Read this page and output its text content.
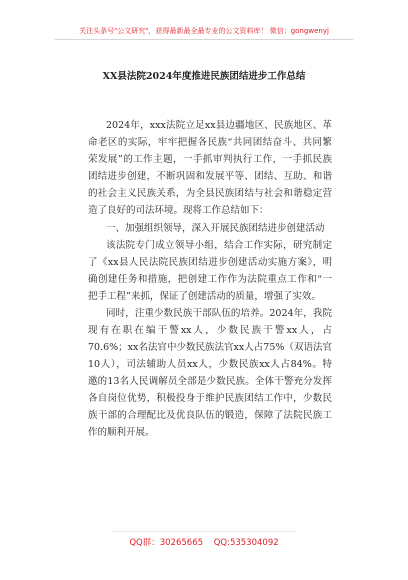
关注头条号"公文研究"，获得最新最全最专业的公文资料库！ 微信：gongwenyj
XX县法院2024年度推进民族团结进步工作总结
2024年，xxx法院立足xx县边疆地区、民族地区、革
命老区的实际，牢牢把握各民族“共同团结奋斗、共同繁
荣发展”的工作主题，一手抓审判执行工作，一手抓民族
团结进步创建，不断巩固和发展平等、团结、互助、和谐
的社会主义民族关系，为全县民族团结与社会和谐稳定营
造了良好的司法环境。现将工作总结如下：
一、加强组织领导，深入开展民族团结进步创建活动
该法院专门成立领导小组，结合工作实际，研究制定
了《xx县人民法院民族团结进步创建活动实施方案》，明
确创建任务和措施，把创建工作作为法院重点工作和“一
把手工程”来抓，保证了创建活动的质量，增强了实效。
同时，注重少数民族干部队伍的培养。2024年，我院
现有在职在编干警xx人，少数民族干警xx人，占
70.6%；xx名法官中少数民族法官xx人占75%（双语法官
10人），司法辅助人员xx人，少数民族xx人占84%。特
邀的13名人民调解员全部是少数民族。全体干警充分发挥
各自岗位优势，积极投身于维护民族团结工作中，少数民
族干部的合理配比及优良队伍的锻造，保障了法院民族工
作的顺利开展。
QQ群：30265665 QQ:535304092
